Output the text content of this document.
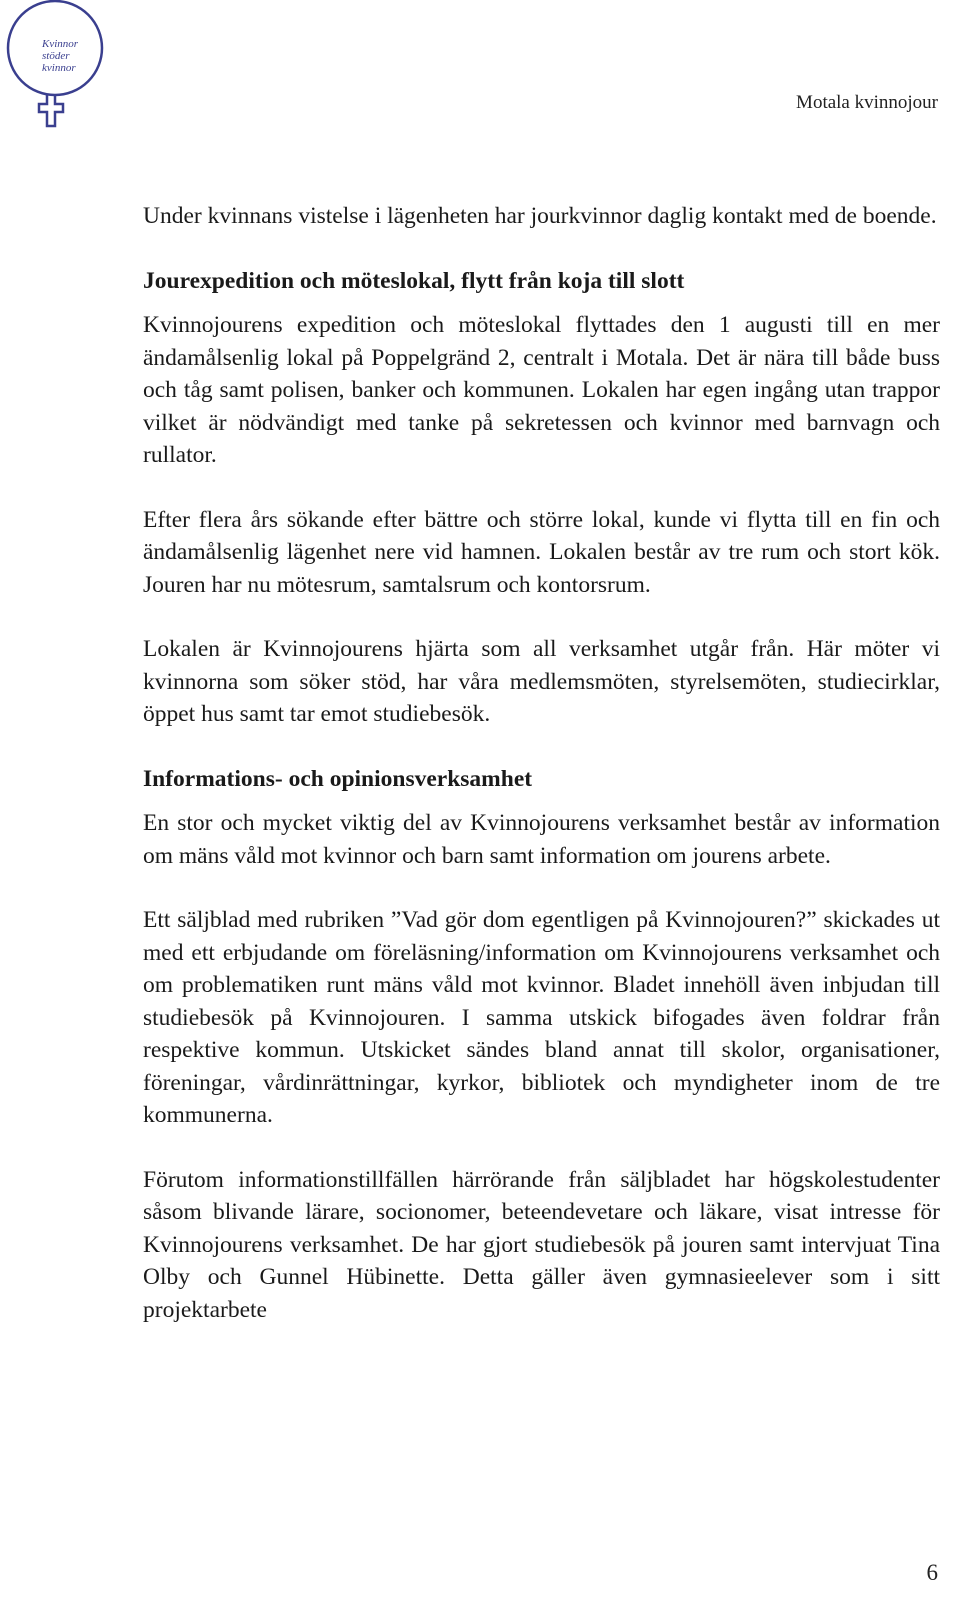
Kvinnor
stöder
kvinnor
Motala kvinnojour

Under kvinnans vistelse i lägenheten har jourkvinnor daglig kontakt med de boende.

Jourexpedition och möteslokal, flytt från koja till slott

Kvinnojourens expedition och möteslokal flyttades den 1 augusti till en mer ändamålsenlig lokal på Poppelgränd 2, centralt i Motala. Det är nära till både buss och tåg samt polisen, banker och kommunen. Lokalen har egen ingång utan trappor vilket är nödvändigt med tanke på sekretessen och kvinnor med barnvagn och rullator.

Efter flera års sökande efter bättre och större lokal, kunde vi flytta till en fin och ändamålsenlig lägenhet nere vid hamnen. Lokalen består av tre rum och stort kök. Jouren har nu mötesrum, samtalsrum och kontorsrum.

Lokalen är Kvinnojourens hjärta som all verksamhet utgår från. Här möter vi kvinnorna som söker stöd, har våra medlemsmöten, styrelsemöten, studiecirklar, öppet hus samt tar emot studiebesök.

Informations- och opinionsverksamhet

En stor och mycket viktig del av Kvinnojourens verksamhet består av information om mäns våld mot kvinnor och barn samt information om jourens arbete.

Ett säljblad med rubriken ”Vad gör dom egentligen på Kvinnojouren?” skickades ut med ett erbjudande om föreläsning/information om Kvinnojourens verksamhet och om problematiken runt mäns våld mot kvinnor. Bladet innehöll även inbjudan till studiebesök på Kvinnojouren. I samma utskick bifogades även foldrar från respektive kommun. Utskicket sändes bland annat till skolor, organisationer, föreningar, vårdinrättningar, kyrkor, bibliotek och myndigheter inom de tre kommunerna.

Förutom informationstillfällen härrörande från säljbladet har högskolestudenter såsom blivande lärare, socionomer, beteendevetare och läkare, visat intresse för Kvinnojourens verksamhet. De har gjort studiebesök på jouren samt intervjuat Tina Olby och Gunnel Hübinette. Detta gäller även gymnasieelever som i sitt projektarbete

6
